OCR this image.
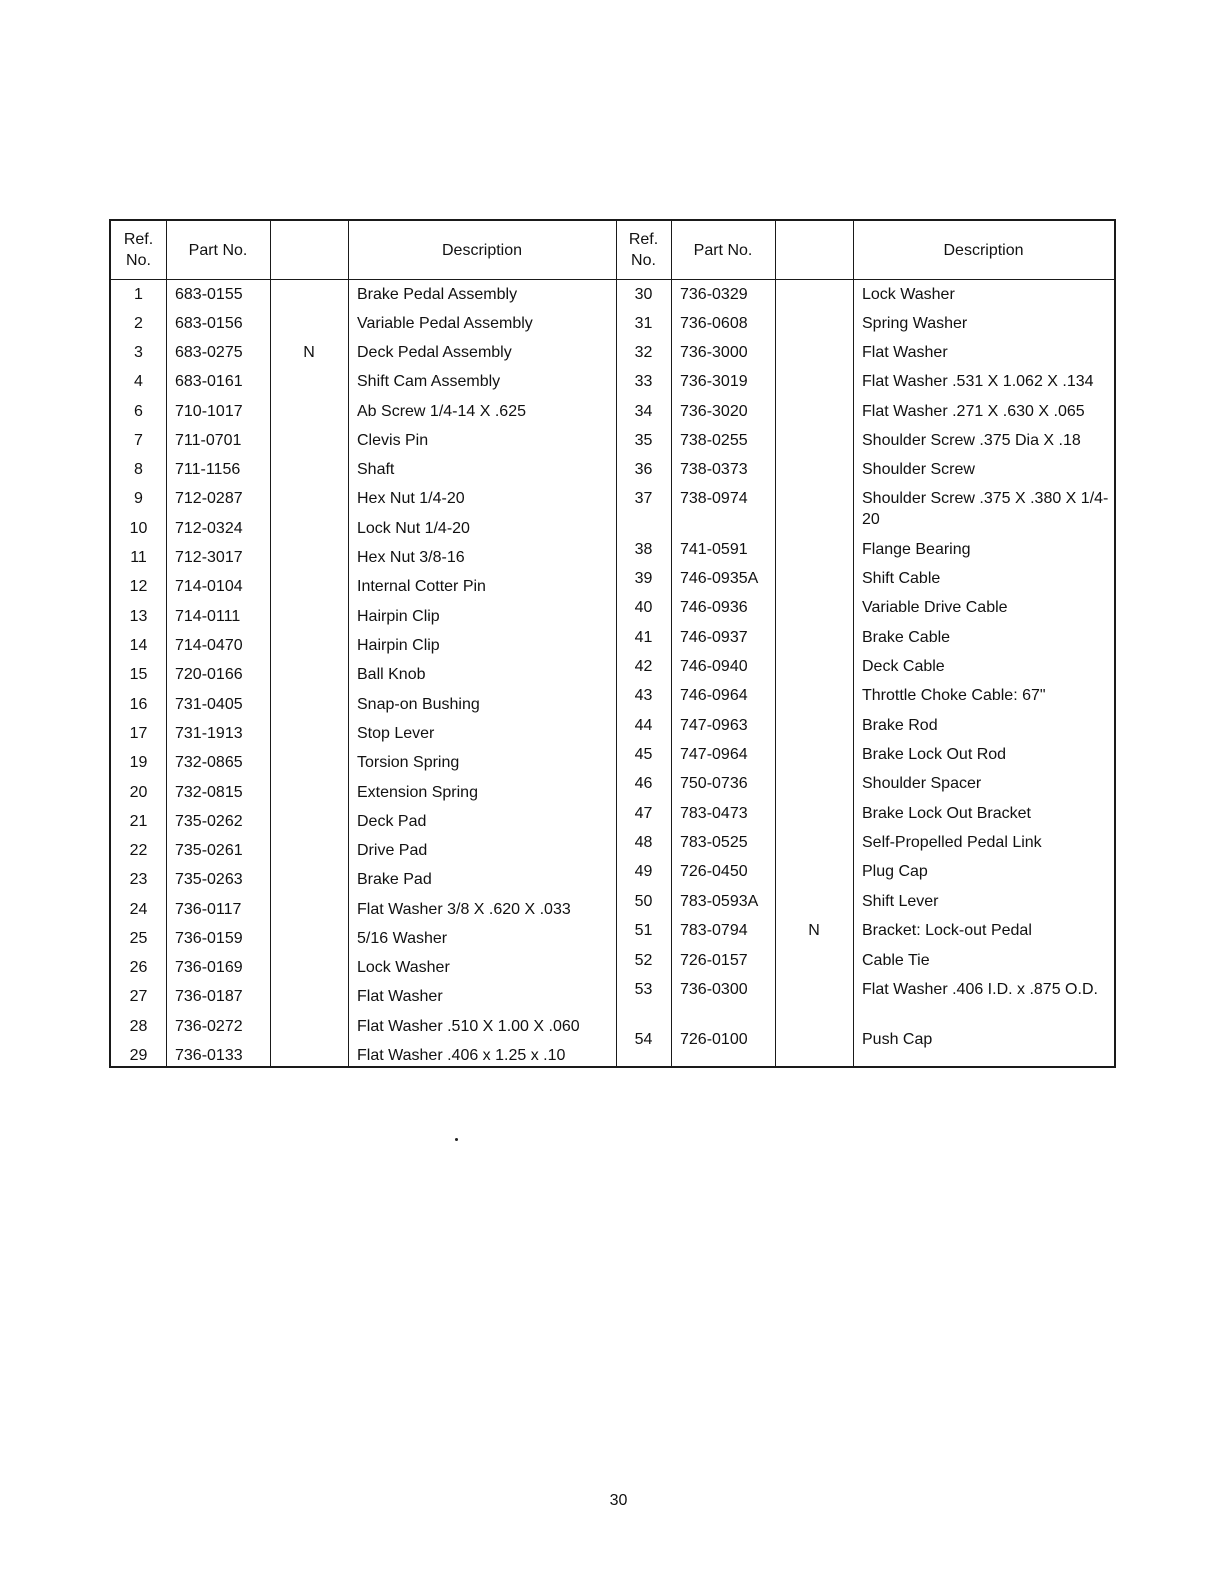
Ref.
No.
Part No.	Description
1	683-0155	Brake Pedal Assembly
2	683-0156	Variable Pedal Assembly
3	683-0275	N	Deck Pedal Assembly
4	683-0161	Shift Cam Assembly
6	710-1017	Ab Screw 1/4-14 X .625
7	711-0701	Clevis Pin
8	711-1156	Shaft
9	712-0287	Hex Nut 1/4-20
10	712-0324	Lock Nut 1/4-20
11	712-3017	Hex Nut 3/8-16
12	714-0104	Internal Cotter Pin
13	714-0111	Hairpin Clip
14	714-0470	Hairpin Clip
15	720-0166	Ball Knob
16	731-0405	Snap-on Bushing
17	731-1913	Stop Lever
19	732-0865	Torsion Spring
20	732-0815	Extension Spring
21	735-0262	Deck Pad
22	735-0261	Drive Pad
23	735-0263	Brake Pad
24	736-0117	Flat Washer 3/8 X .620 X .033
25	736-0159	5/16 Washer
26	736-0169	Lock Washer
27	736-0187	Flat Washer
28	736-0272	Flat Washer .510 X 1.00 X .060
29	736-0133	Flat Washer .406 x 1.25 x .10
Ref.
No.
Part No.	Description
30	736-0329	Lock Washer
31	736-0608	Spring Washer
32	736-3000	Flat Washer
33	736-3019	Flat Washer .531 X 1.062 X .134
34	736-3020	Flat Washer .271 X .630 X .065
35	738-0255	Shoulder Screw .375 Dia X .18
36	738-0373	Shoulder Screw
37	738-0974	Shoulder Screw .375 X .380 X 1/4-20
38	741-0591	Flange Bearing
39	746-0935A	Shift Cable
40	746-0936	Variable Drive Cable
41	746-0937	Brake Cable
42	746-0940	Deck Cable
43	746-0964	Throttle Choke Cable: 67"
44	747-0963	Brake Rod
45	747-0964	Brake Lock Out Rod
46	750-0736	Shoulder Spacer
47	783-0473	Brake Lock Out Bracket
48	783-0525	Self-Propelled Pedal Link
49	726-0450	Plug Cap
50	783-0593A	Shift Lever
51	783-0794	N	Bracket: Lock-out Pedal
52	726-0157	Cable Tie
53	736-0300	Flat Washer .406 I.D. x .875 O.D.
54	726-0100	Push Cap
30
